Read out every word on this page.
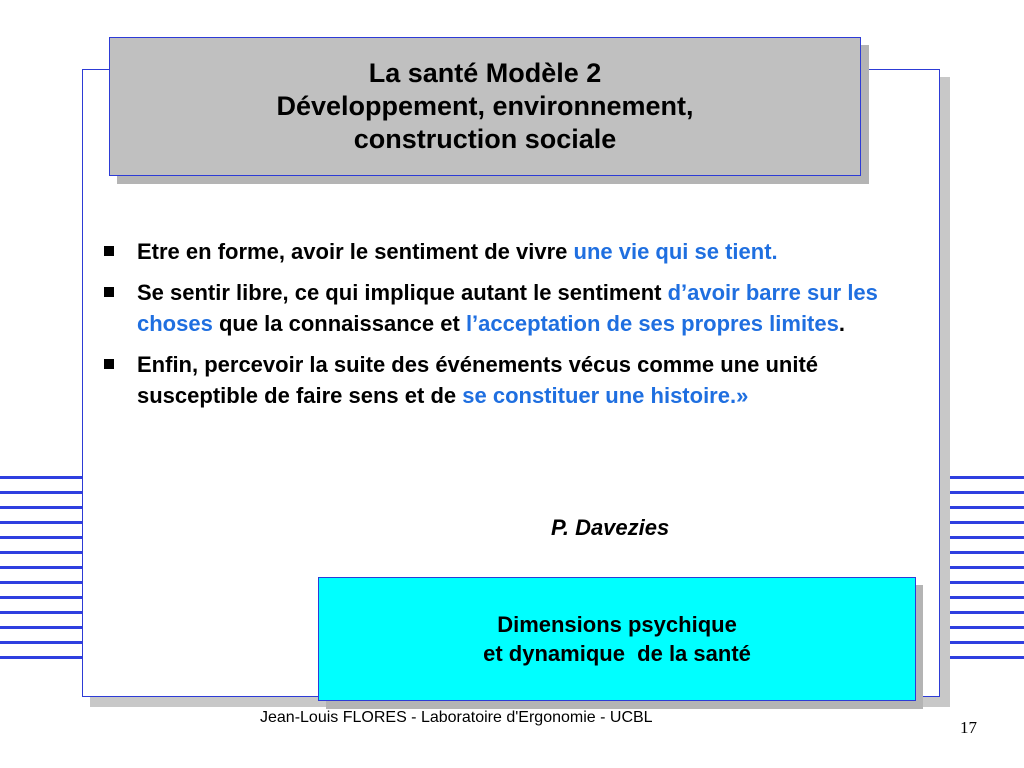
La santé Modèle 2
Développement, environnement,
construction sociale
Etre en forme, avoir le sentiment de vivre une vie qui se tient.
Se sentir libre, ce qui implique autant le sentiment d’avoir barre sur les choses que la connaissance et l’acceptation de ses propres limites.
Enfin, percevoir la suite des événements vécus comme une unité susceptible de faire sens et de se constituer une histoire.»
P. Davezies
Dimensions psychique
et dynamique  de la santé
Jean-Louis FLORES - Laboratoire d'Ergonomie - UCBL
17
